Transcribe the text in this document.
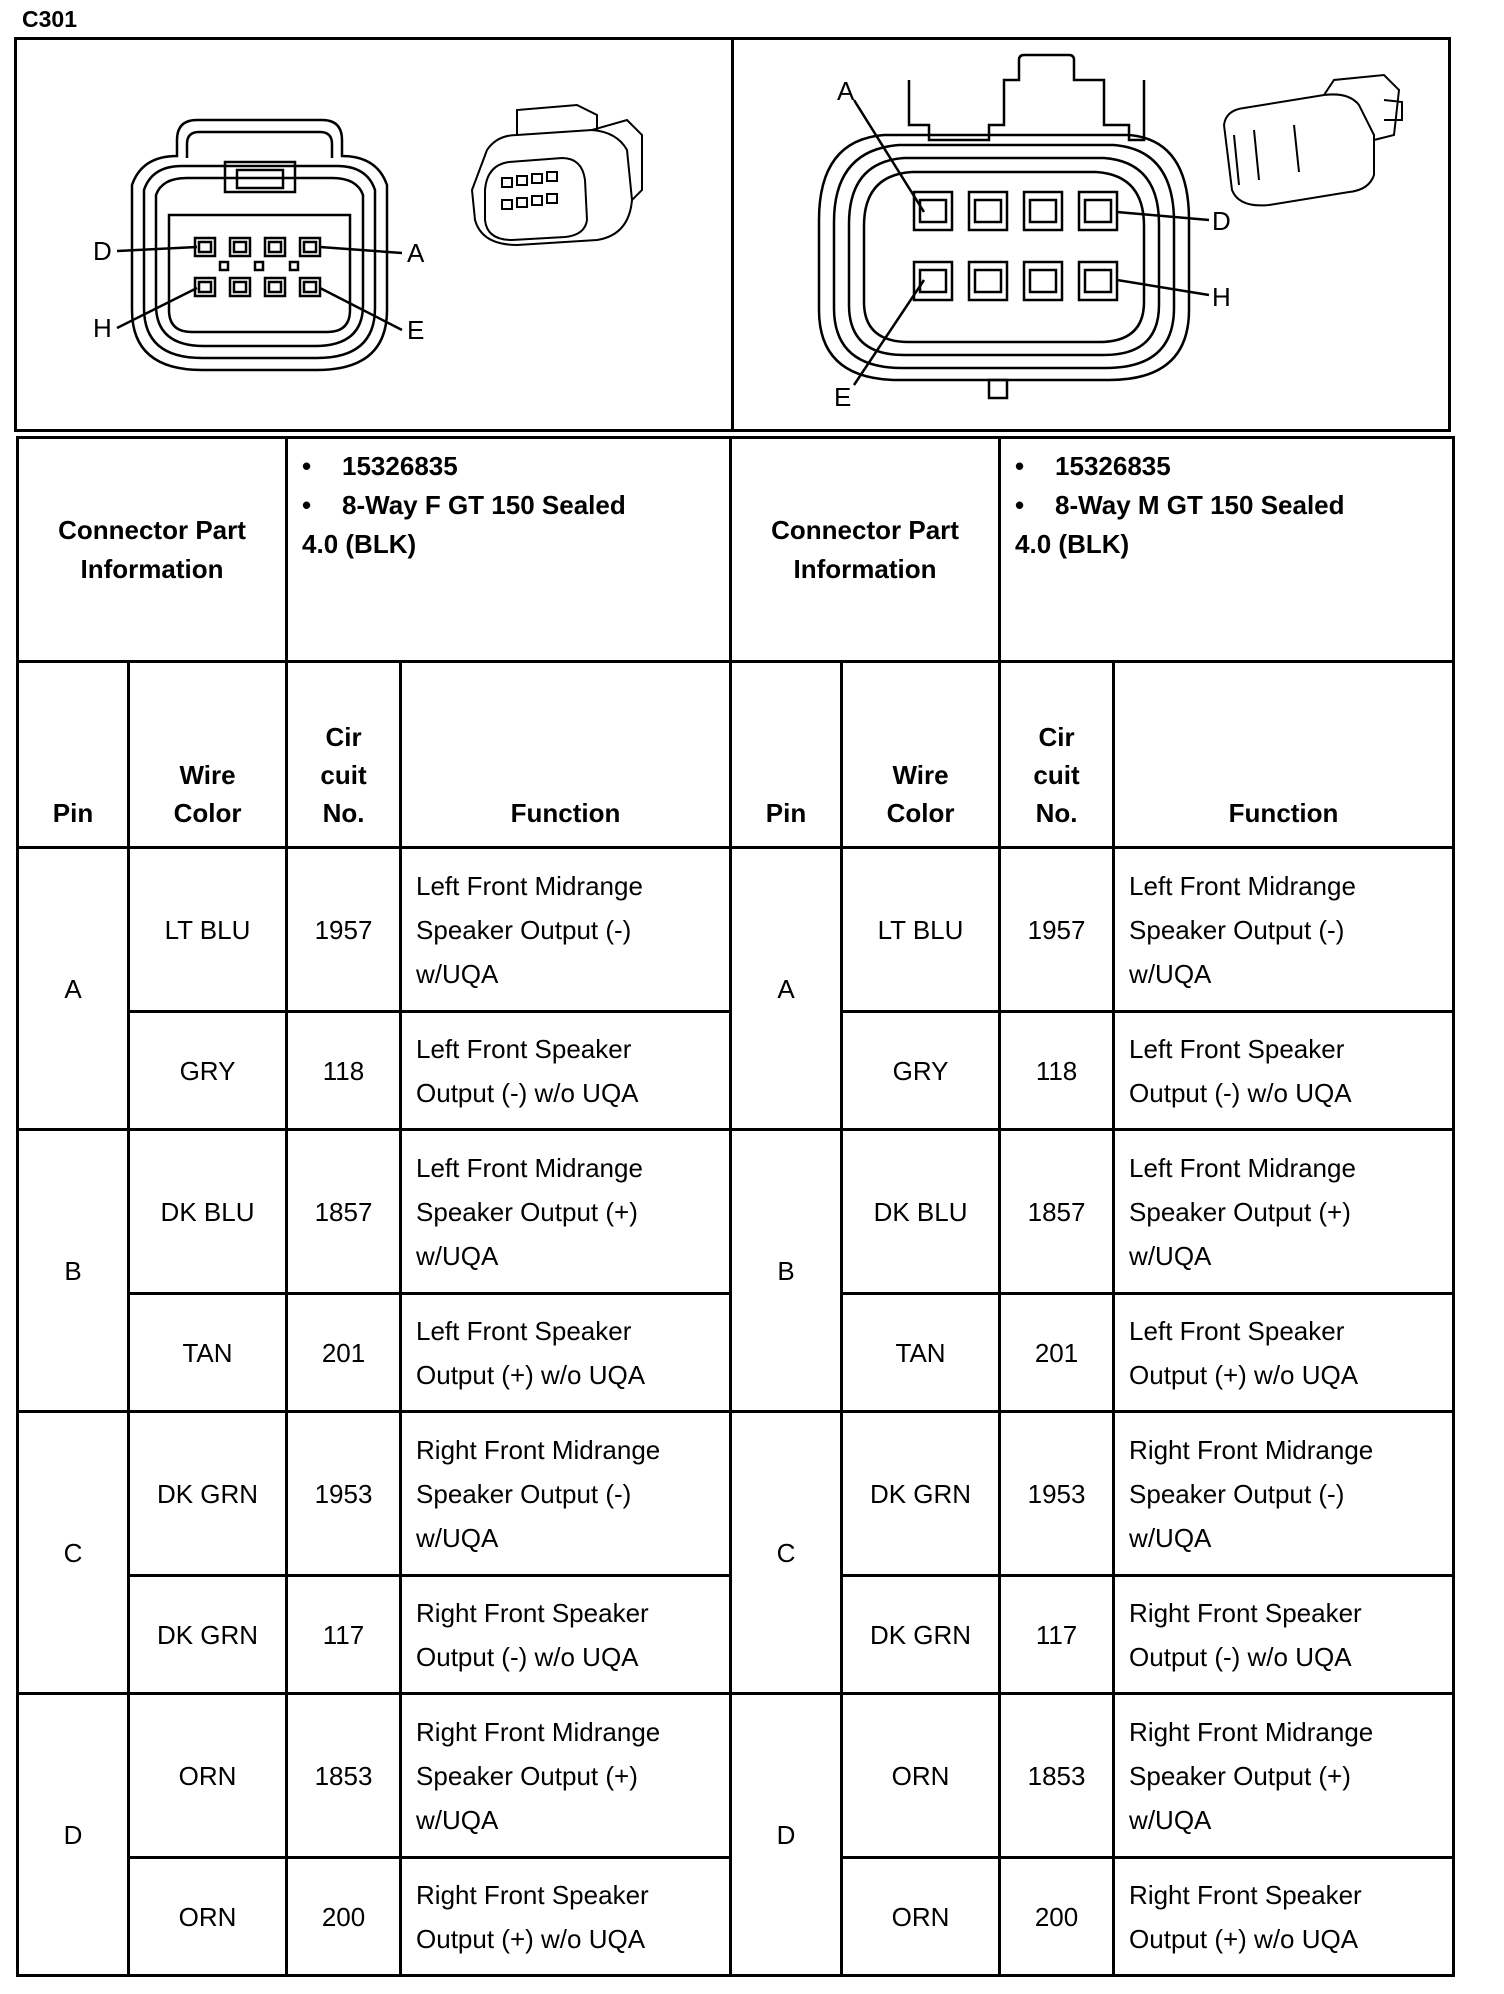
C301
D	A
H	E
A
D
H
E
Connector Part Information		• 15326835
• 8-Way F GT 150 Sealed
4.0 (BLK)		Connector Part Information		• 15326835
• 8-Way M GT 150 Sealed
4.0 (BLK)	

Pin	Wire
Color	Cir
cuit
No.	Function	Pin	Wire
Color	Cir
cuit
No.	Function
A	LT BLU	1957	Left Front Midrange
Speaker Output (-)
w/UQA	A	LT BLU	1957	Left Front Midrange
Speaker Output (-)
w/UQA

	GRY	118	Left Front Speaker
Output (-) w/o UQA		GRY	118	Left Front Speaker
Output (-) w/o UQA

B	DK BLU	1857	Left Front Midrange
Speaker Output (+)
w/UQA	B	DK BLU	1857	Left Front Midrange
Speaker Output (+)
w/UQA

	TAN	201	Left Front Speaker
Output (+) w/o UQA		TAN	201	Left Front Speaker
Output (+) w/o UQA

C	DK GRN	1953	Right Front Midrange
Speaker Output (-)
w/UQA	C	DK GRN	1953	Right Front Midrange
Speaker Output (-)
w/UQA

	DK GRN	117	Right Front Speaker
Output (-) w/o UQA		DK GRN	117	Right Front Speaker
Output (-) w/o UQA

D	ORN	1853	Right Front Midrange
Speaker Output (+)
w/UQA	D	ORN	1853	Right Front Midrange
Speaker Output (+)
w/UQA

	ORN	200	Right Front Speaker
Output (+) w/o UQA		ORN	200	Right Front Speaker
Output (+) w/o UQA
